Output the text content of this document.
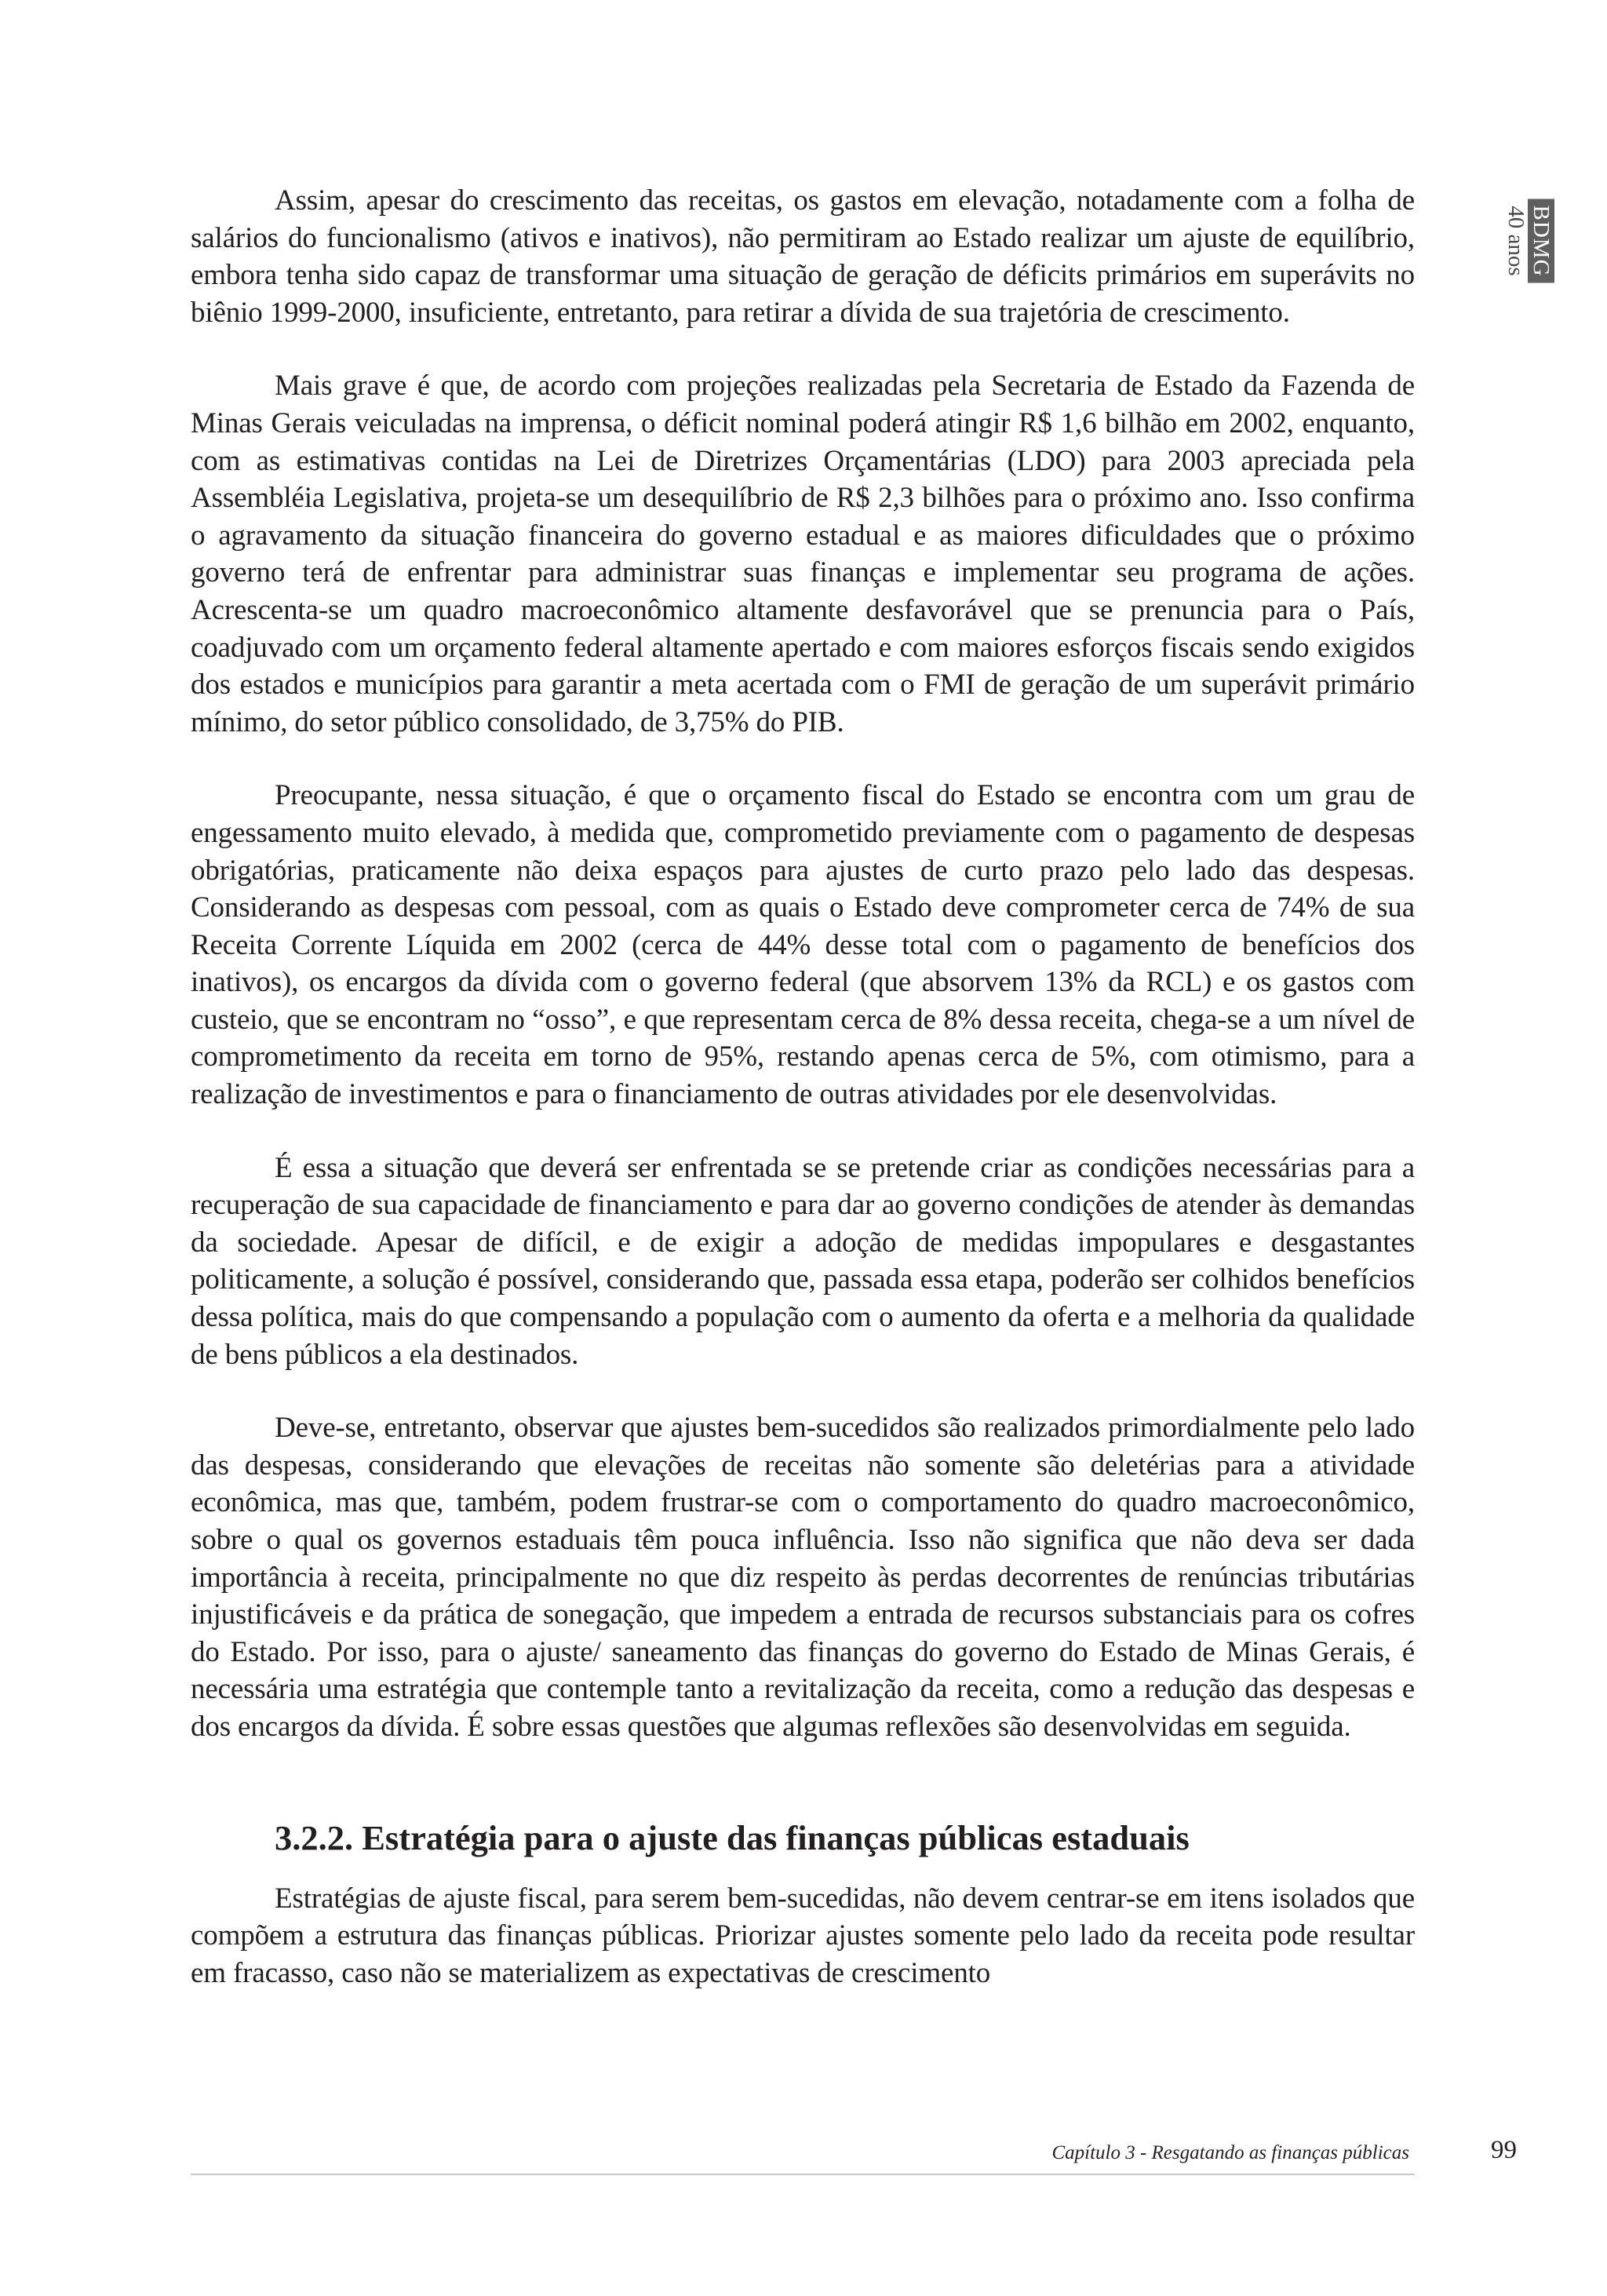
BDMG
40 anos

Assim, apesar do crescimento das receitas, os gastos em elevação, notadamente com a folha de salários do funcionalismo (ativos e inativos), não permitiram ao Estado realizar um ajuste de equilíbrio, embora tenha sido capaz de transformar uma situação de geração de déficits primários em superávits no biênio 1999-2000, insuficiente, entretanto, para retirar a dívida de sua trajetória de crescimento.

Mais grave é que, de acordo com projeções realizadas pela Secretaria de Estado da Fazenda de Minas Gerais veiculadas na imprensa, o déficit nominal poderá atingir R$ 1,6 bilhão em 2002, enquanto, com as estimativas contidas na Lei de Diretrizes Orçamentárias (LDO) para 2003 apreciada pela Assembléia Legislativa, projeta-se um desequilíbrio de R$ 2,3 bilhões para o próximo ano. Isso confirma o agravamento da situação financeira do governo estadual e as maiores dificuldades que o próximo governo terá de enfrentar para administrar suas finanças e implementar seu programa de ações. Acrescenta-se um quadro macroeconômico altamente desfavorável que se prenuncia para o País, coadjuvado com um orçamento federal altamente apertado e com maiores esforços fiscais sendo exigidos dos estados e municípios para garantir a meta acertada com o FMI de geração de um superávit primário mínimo, do setor público consolidado, de 3,75% do PIB.

Preocupante, nessa situação, é que o orçamento fiscal do Estado se encontra com um grau de engessamento muito elevado, à medida que, comprometido previamente com o pagamento de despesas obrigatórias, praticamente não deixa espaços para ajustes de curto prazo pelo lado das despesas. Considerando as despesas com pessoal, com as quais o Estado deve comprometer cerca de 74% de sua Receita Corrente Líquida em 2002 (cerca de 44% desse total com o pagamento de benefícios dos inativos), os encargos da dívida com o governo federal (que absorvem 13% da RCL) e os gastos com custeio, que se encontram no “osso”, e que representam cerca de 8% dessa receita, chega-se a um nível de comprometimento da receita em torno de 95%, restando apenas cerca de 5%, com otimismo, para a realização de investimentos e para o financiamento de outras atividades por ele desenvolvidas.

É essa a situação que deverá ser enfrentada se se pretende criar as condições necessárias para a recuperação de sua capacidade de financiamento e para dar ao governo condições de atender às demandas da sociedade. Apesar de difícil, e de exigir a adoção de medidas impopulares e desgastantes politicamente, a solução é possível, considerando que, passada essa etapa, poderão ser colhidos benefícios dessa política, mais do que compensando a população com o aumento da oferta e a melhoria da qualidade de bens públicos a ela destinados.

Deve-se, entretanto, observar que ajustes bem-sucedidos são realizados primordialmente pelo lado das despesas, considerando que elevações de receitas não somente são deletérias para a atividade econômica, mas que, também, podem frustrar-se com o comportamento do quadro macroeconômico, sobre o qual os governos estaduais têm pouca influência. Isso não significa que não deva ser dada importância à receita, principalmente no que diz respeito às perdas decorrentes de renúncias tributárias injustificáveis e da prática de sonegação, que impedem a entrada de recursos substanciais para os cofres do Estado. Por isso, para o ajuste/ saneamento das finanças do governo do Estado de Minas Gerais, é necessária uma estratégia que contemple tanto a revitalização da receita, como a redução das despesas e dos encargos da dívida. É sobre essas questões que algumas reflexões são desenvolvidas em seguida.

3.2.2. Estratégia para o ajuste das finanças públicas estaduais

Estratégias de ajuste fiscal, para serem bem-sucedidas, não devem centrar-se em itens isolados que compõem a estrutura das finanças públicas. Priorizar ajustes somente pelo lado da receita pode resultar em fracasso, caso não se materializem as expectativas de crescimento

Capítulo 3 - Resgatando as finanças públicas	99
